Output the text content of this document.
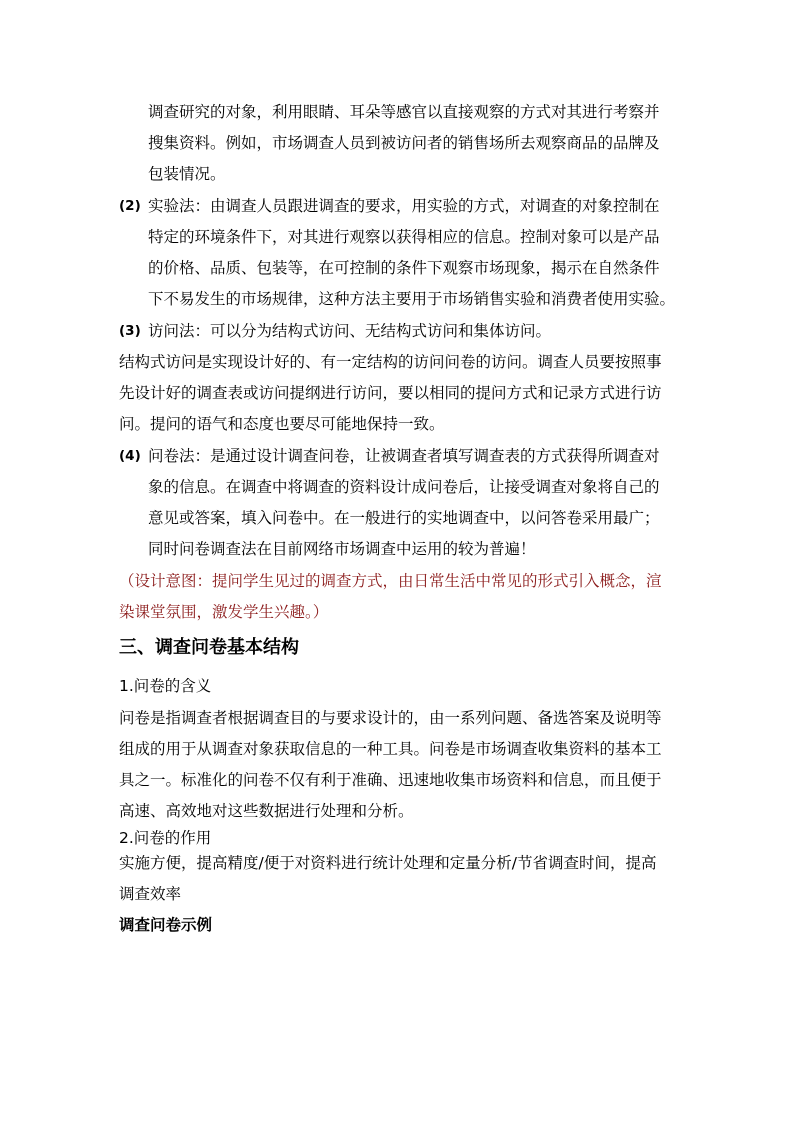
调查研究的对象，利用眼睛、耳朵等感官以直接观察的方式对其进行考察并

搜集资料。例如，市场调查人员到被访问者的销售场所去观察商品的品牌及

包装情况。

(2) 实验法：由调查人员跟进调查的要求，用实验的方式，对调查的对象控制在

特定的环境条件下，对其进行观察以获得相应的信息。控制对象可以是产品

的价格、品质、包装等，在可控制的条件下观察市场现象，揭示在自然条件

下不易发生的市场规律，这种方法主要用于市场销售实验和消费者使用实验。

(3) 访问法：可以分为结构式访问、无结构式访问和集体访问。

结构式访问是实现设计好的、有一定结构的访问问卷的访问。调查人员要按照事

先设计好的调查表或访问提纲进行访问，要以相同的提问方式和记录方式进行访

问。提问的语气和态度也要尽可能地保持一致。

(4) 问卷法：是通过设计调查问卷，让被调查者填写调查表的方式获得所调查对

象的信息。在调查中将调查的资料设计成问卷后，让接受调查对象将自己的

意见或答案，填入问卷中。在一般进行的实地调查中，以问答卷采用最广；

同时问卷调查法在目前网络市场调查中运用的较为普遍！

（设计意图：提问学生见过的调查方式，由日常生活中常见的形式引入概念，渲

染课堂氛围，激发学生兴趣。）

三、调查问卷基本结构

1.问卷的含义

问卷是指调查者根据调查目的与要求设计的，由一系列问题、备选答案及说明等

组成的用于从调查对象获取信息的一种工具。问卷是市场调查收集资料的基本工

具之一。标准化的问卷不仅有利于准确、迅速地收集市场资料和信息，而且便于

高速、高效地对这些数据进行处理和分析。

2.问卷的作用

实施方便，提高精度/便于对资料进行统计处理和定量分析/节省调查时间，提高

调查效率

调查问卷示例
